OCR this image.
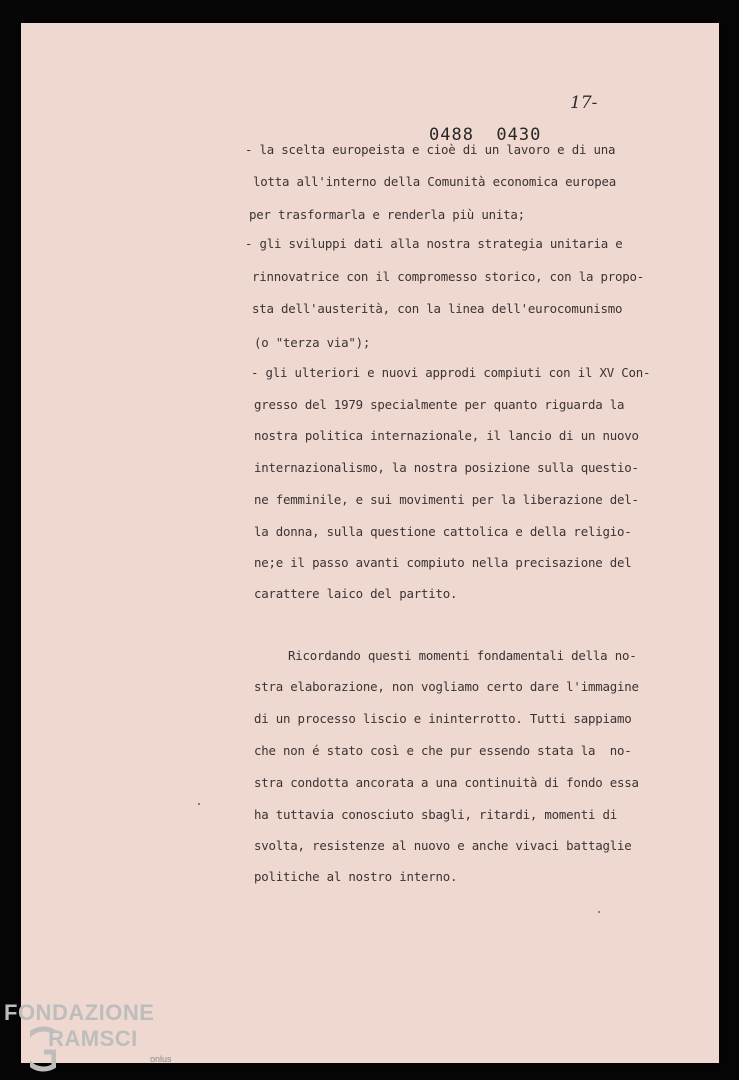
17-
0488  0430
- la scelta europeista e cioè di un lavoro e di una
lotta all'interno della Comunità economica europea
per trasformarla e renderla più unita;
- gli sviluppi dati alla nostra strategia unitaria e
rinnovatrice con il compromesso storico, con la propo-
sta dell'austerità, con la linea dell'eurocomunismo
(o "terza via");
- gli ulteriori e nuovi approdi compiuti con il XV Con-
gresso del 1979 specialmente per quanto riguarda la
nostra politica internazionale, il lancio di un nuovo
internazionalismo, la nostra posizione sulla questio-
ne femminile, e sui movimenti per la liberazione del-
la donna, sulla questione cattolica e della religio-
ne;e il passo avanti compiuto nella precisazione del
carattere laico del partito.
Ricordando questi momenti fondamentali della no-
stra elaborazione, non vogliamo certo dare l'immagine
di un processo liscio e ininterrotto. Tutti sappiamo
che non é stato così e che pur essendo stata la  no-
stra condotta ancorata a una continuità di fondo essa
ha tuttavia conosciuto sbagli, ritardi, momenti di
svolta, resistenze al nuovo e anche vivaci battaglie
politiche al nostro interno.
FONDAZIONE
RAMSCI
onlus
